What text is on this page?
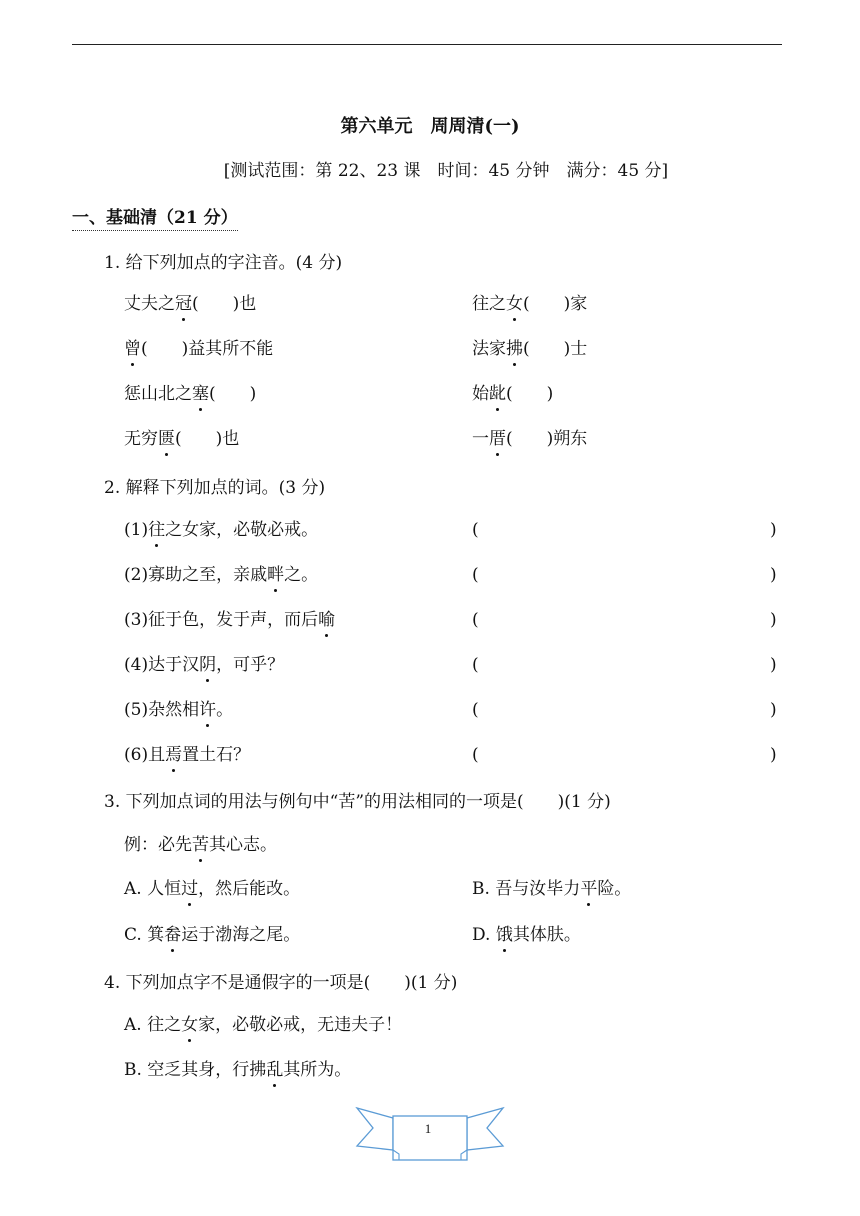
第六单元　周周清(一)
[测试范围：第 22、23 课　时间：45 分钟　满分：45 分]
一、基础清（21 分）
1. 给下列加点的字注音。(4 分)
丈夫之冠(　　)也	往之女(　　)家
曾(　　)益其所不能	法家拂(　　)士
惩山北之塞(　　)	始龀(　　)
无穷匮(　　)也	一厝(　　)朔东
2. 解释下列加点的词。(3 分)
(1)往之女家，必敬必戒。	(	)
(2)寡助之至，亲戚畔之。	(	)
(3)征于色，发于声，而后喻	(	)
(4)达于汉阴，可乎？	(	)
(5)杂然相许。	(	)
(6)且焉置土石？	(	)
3. 下列加点词的用法与例句中“苦”的用法相同的一项是(　　)(1 分)
例：必先苦其心志。
A. 人恒过，然后能改。	B. 吾与汝毕力平险。
C. 箕畚运于渤海之尾。	D. 饿其体肤。
4. 下列加点字不是通假字的一项是(　　)(1 分)
A. 往之女家，必敬必戒，无违夫子！
B. 空乏其身，行拂乱其所为。
1
